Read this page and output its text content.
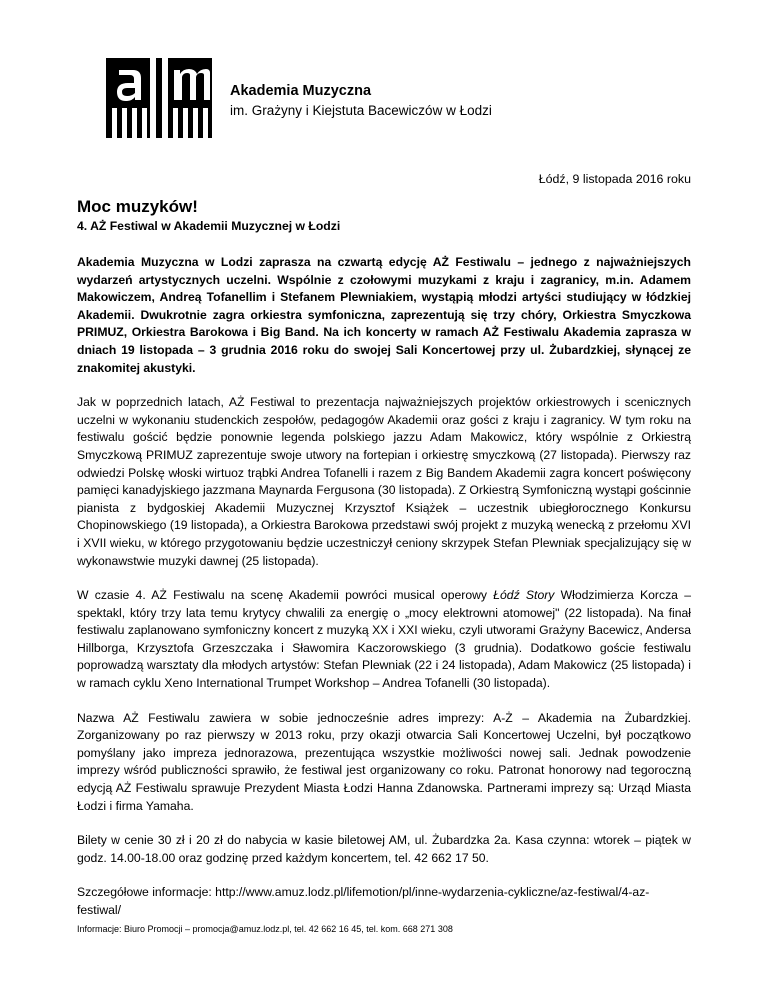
Akademia Muzyczna
im. Grażyny i Kiejstuta Bacewiczów w Łodzi
Łódź, 9 listopada 2016 roku
Moc muzyków!
4. AŻ Festiwal w Akademii Muzycznej w Łodzi

Akademia Muzyczna w Lodzi zaprasza na czwartą edycję AŻ Festiwalu – jednego z najważniejszych wydarzeń artystycznych uczelni. Wspólnie z czołowymi muzykami z kraju i zagranicy, m.in. Adamem Makowiczem, Andreą Tofanellim i Stefanem Plewniakiem, wystąpią młodzi artyści studiujący w łódzkiej Akademii. Dwukrotnie zagra orkiestra symfoniczna, zaprezentują się trzy chóry, Orkiestra Smyczkowa PRIMUZ, Orkiestra Barokowa i Big Band. Na ich koncerty w ramach AŻ Festiwalu Akademia zaprasza w dniach 19 listopada – 3 grudnia 2016 roku do swojej Sali Koncertowej przy ul. Żubardzkiej, słynącej ze znakomitej akustyki.

Jak w poprzednich latach, AŻ Festiwal to prezentacja najważniejszych projektów orkiestrowych i scenicznych uczelni w wykonaniu studenckich zespołów, pedagogów Akademii oraz gości z kraju i zagranicy. W tym roku na festiwalu gościć będzie ponownie legenda polskiego jazzu Adam Makowicz, który wspólnie z Orkiestrą Smyczkową PRIMUZ zaprezentuje swoje utwory na fortepian i orkiestrę smyczkową (27 listopada). Pierwszy raz odwiedzi Polskę włoski wirtuoz trąbki Andrea Tofanelli i razem z Big Bandem Akademii zagra koncert poświęcony pamięci kanadyjskiego jazzmana Maynarda Fergusona (30 listopada). Z Orkiestrą Symfoniczną wystąpi gościnnie pianista z bydgoskiej Akademii Muzycznej Krzysztof Książek – uczestnik ubiegłorocznego Konkursu Chopinowskiego (19 listopada), a Orkiestra Barokowa przedstawi swój projekt z muzyką wenecką z przełomu XVI i XVII wieku, w którego przygotowaniu będzie uczestniczył ceniony skrzypek Stefan Plewniak specjalizujący się w wykonawstwie muzyki dawnej (25 listopada).

W czasie 4. AŻ Festiwalu na scenę Akademii powróci musical operowy Łódź Story Włodzimierza Korcza – spektakl, który trzy lata temu krytycy chwalili za energię o „mocy elektrowni atomowej" (22 listopada). Na finał festiwalu zaplanowano symfoniczny koncert z muzyką XX i XXI wieku, czyli utworami Grażyny Bacewicz, Andersa Hillborga, Krzysztofa Grzeszczaka i Sławomira Kaczorowskiego (3 grudnia). Dodatkowo goście festiwalu poprowadzą warsztaty dla młodych artystów: Stefan Plewniak (22 i 24 listopada), Adam Makowicz (25 listopada) i w ramach cyklu Xeno International Trumpet Workshop – Andrea Tofanelli (30 listopada).

Nazwa AŻ Festiwalu zawiera w sobie jednocześnie adres imprezy: A-Ż – Akademia na Żubardzkiej. Zorganizowany po raz pierwszy w 2013 roku, przy okazji otwarcia Sali Koncertowej Uczelni, był początkowo pomyślany jako impreza jednorazowa, prezentująca wszystkie możliwości nowej sali. Jednak powodzenie imprezy wśród publiczności sprawiło, że festiwal jest organizowany co roku. Patronat honorowy nad tegoroczną edycją AŻ Festiwalu sprawuje Prezydent Miasta Łodzi Hanna Zdanowska. Partnerami imprezy są: Urząd Miasta Łodzi i firma Yamaha.

Bilety w cenie 30 zł i 20 zł do nabycia w kasie biletowej AM, ul. Żubardzka 2a. Kasa czynna: wtorek – piątek w godz. 14.00-18.00 oraz godzinę przed każdym koncertem, tel. 42 662 17 50.

Szczegółowe informacje: http://www.amuz.lodz.pl/lifemotion/pl/inne-wydarzenia-cykliczne/az-festiwal/4-az-festiwal/

Informacje: Biuro Promocji – promocja@amuz.lodz.pl, tel. 42 662 16 45, tel. kom. 668 271 308
